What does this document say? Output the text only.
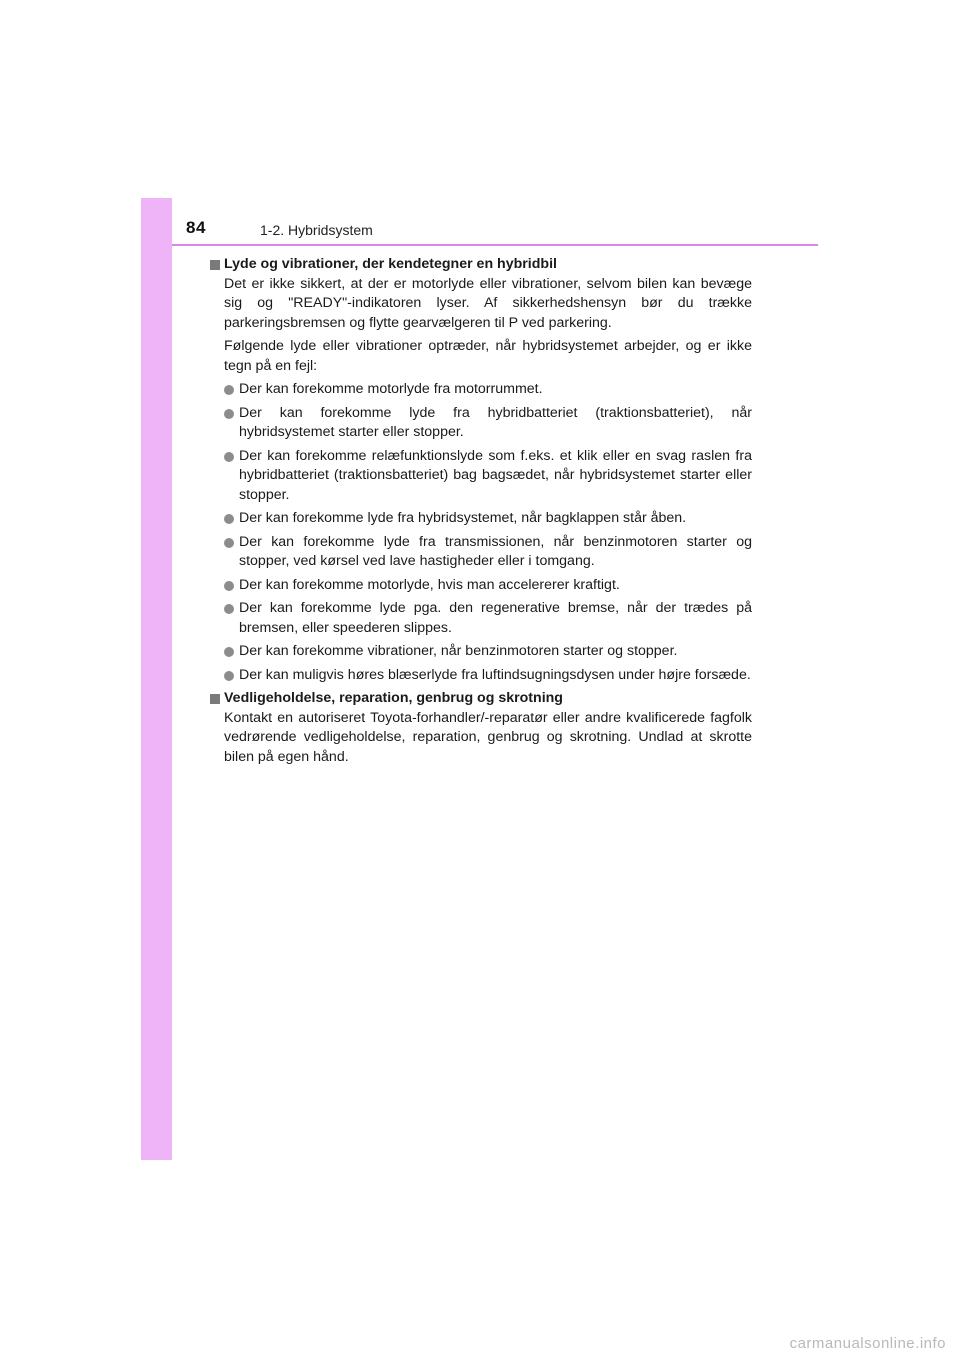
84	1-2. Hybridsystem
Lyde og vibrationer, der kendetegner en hybridbil
Det er ikke sikkert, at der er motorlyde eller vibrationer, selvom bilen kan bevæge sig og "READY"-indikatoren lyser. Af sikkerhedshensyn bør du trække parkeringsbremsen og flytte gearvælgeren til P ved parkering.
Følgende lyde eller vibrationer optræder, når hybridsystemet arbejder, og er ikke tegn på en fejl:
Der kan forekomme motorlyde fra motorrummet.
Der kan forekomme lyde fra hybridbatteriet (traktionsbatteriet), når hybridsystemet starter eller stopper.
Der kan forekomme relæfunktionslyde som f.eks. et klik eller en svag raslen fra hybridbatteriet (traktionsbatteriet) bag bagsædet, når hybridsystemet starter eller stopper.
Der kan forekomme lyde fra hybridsystemet, når bagklappen står åben.
Der kan forekomme lyde fra transmissionen, når benzinmotoren starter og stopper, ved kørsel ved lave hastigheder eller i tomgang.
Der kan forekomme motorlyde, hvis man accelererer kraftigt.
Der kan forekomme lyde pga. den regenerative bremse, når der trædes på bremsen, eller speederen slippes.
Der kan forekomme vibrationer, når benzinmotoren starter og stopper.
Der kan muligvis høres blæserlyde fra luftindsugningsdysen under højre forsæde.
Vedligeholdelse, reparation, genbrug og skrotning
Kontakt en autoriseret Toyota-forhandler/-reparatør eller andre kvalificerede fagfolk vedrørende vedligeholdelse, reparation, genbrug og skrotning. Undlad at skrotte bilen på egen hånd.
carmanualsonline.info
